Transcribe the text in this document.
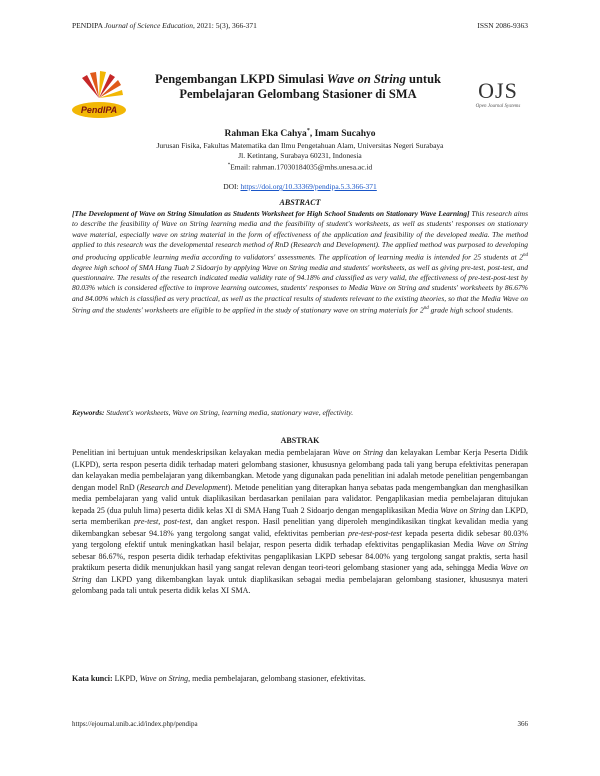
PENDIPA Journal of Science Education, 2021: 5(3), 366-371	ISSN 2086-9363
PendIPA
Pengembangan LKPD Simulasi Wave on String untuk
Pembelajaran Gelombang Stasioner di SMA	OJS
Open Journal Systems
Rahman Eka Cahya*, Imam Sucahyo
Jurusan Fisika, Fakultas Matematika dan Ilmu Pengetahuan Alam, Universitas Negeri Surabaya
Jl. Ketintang, Surabaya 60231, Indonesia
*Email: rahman.17030184035@mhs.unesa.ac.id
DOI: https://doi.org/10.33369/pendipa.5.3.366-371
ABSTRACT
[The Development of Wave on String Simulation as Students Worksheet for High School Students on Stationary Wave Learning] This research aims to describe the feasibility of Wave on String learning media and the feasibility of student's worksheets, as well as students' responses on stationary wave material, especially wave on string material in the form of effectiveness of the application and feasibility of the developed media. The method applied to this research was the developmental research method of RnD (Research and Development). The applied method was purposed to developing and producing applicable learning media according to validators' assessments. The application of learning media is intended for 25 students at 2nd degree high school of SMA Hang Tuah 2 Sidoarjo by applying Wave on String media and students' worksheets, as well as giving pre-test, post-test, and questionnaire. The results of the research indicated media validity rate of 94.18% and classified as very valid, the effectiveness of pre-test-post-test by 80.03% which is considered effective to improve learning outcomes, students' responses to Media Wave on String and students' worksheets by 86.67% and 84.00% which is classified as very practical, as well as the practical results of students relevant to the existing theories, so that the Media Wave on String and the students' worksheets are eligible to be applied in the study of stationary wave on string materials for 2nd grade high school students.
Keywords: Student's worksheets, Wave on String, learning media, stationary wave, effectivity.
ABSTRAK
Penelitian ini bertujuan untuk mendeskripsikan kelayakan media pembelajaran Wave on String dan kelayakan Lembar Kerja Peserta Didik (LKPD), serta respon peserta didik terhadap materi gelombang stasioner, khususnya gelombang pada tali yang berupa efektivitas penerapan dan kelayakan media pembelajaran yang dikembangkan. Metode yang digunakan pada penelitian ini adalah metode penelitian pengembangan dengan model RnD (Research and Development). Metode penelitian yang diterapkan hanya sebatas pada mengembangkan dan menghasilkan media pembelajaran yang valid untuk diaplikasikan berdasarkan penilaian para validator. Pengaplikasian media pembelajaran ditujukan kepada 25 (dua puluh lima) peserta didik kelas XI di SMA Hang Tuah 2 Sidoarjo dengan mengaplikasikan Media Wave on String dan LKPD, serta memberikan pre-test, post-test, dan angket respon. Hasil penelitian yang diperoleh mengindikasikan tingkat kevalidan media yang dikembangkan sebesar 94.18% yang tergolong sangat valid, efektivitas pemberian pre-test-post-test kepada peserta didik sebesar 80.03% yang tergolong efektif untuk meningkatkan hasil belajar, respon peserta didik terhadap efektivitas pengaplikasian Media Wave on String sebesar 86.67%, respon peserta didik terhadap efektivitas pengaplikasian LKPD sebesar 84.00% yang tergolong sangat praktis, serta hasil praktikum peserta didik menunjukkan hasil yang sangat relevan dengan teori-teori gelombang stasioner yang ada, sehingga Media Wave on String dan LKPD yang dikembangkan layak untuk diaplikasikan sebagai media pembelajaran gelombang stasioner, khususnya materi gelombang pada tali untuk peserta didik kelas XI SMA.
Kata kunci: LKPD, Wave on String, media pembelajaran, gelombang stasioner, efektivitas.
https://ejournal.unib.ac.id/index.php/pendipa	366
